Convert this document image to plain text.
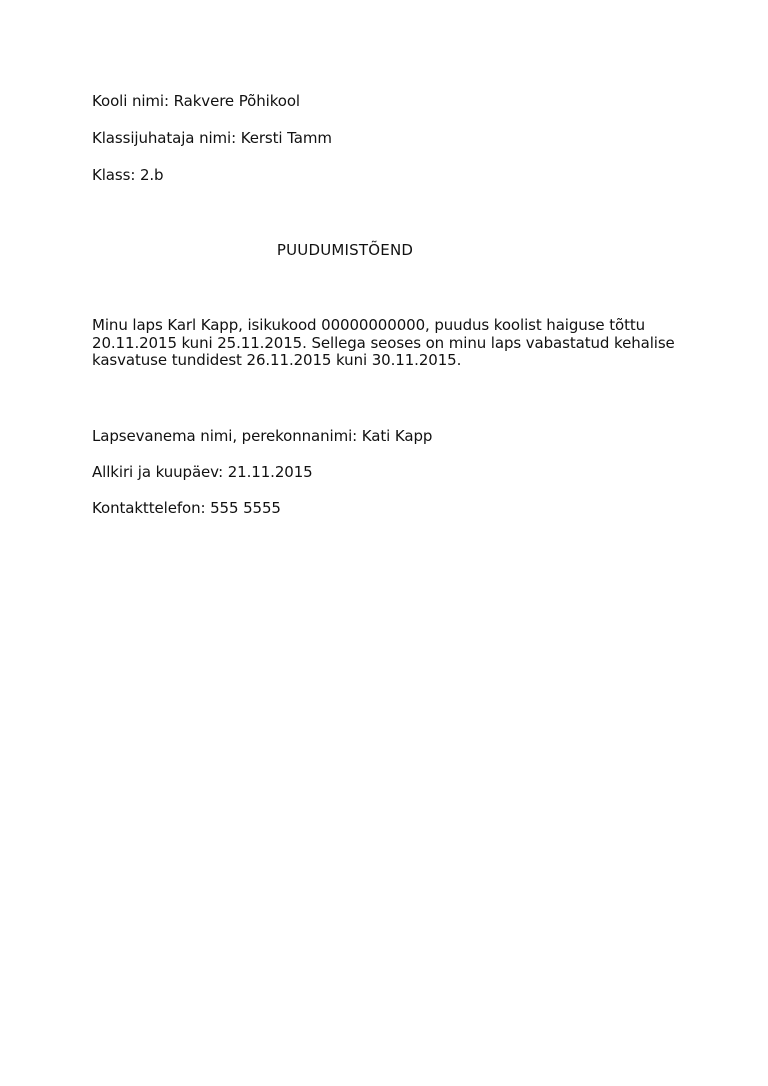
Kooli nimi: Rakvere Põhikool
Klassijuhataja nimi: Kersti Tamm
Klass: 2.b
PUUDUMISTÕEND
Minu laps Karl Kapp, isikukood 00000000000, puudus koolist haiguse tõttu
20.11.2015 kuni 25.11.2015. Sellega seoses on minu laps vabastatud kehalise
kasvatuse tundidest 26.11.2015 kuni 30.11.2015.
Lapsevanema nimi, perekonnanimi: Kati Kapp
Allkiri ja kuupäev: 21.11.2015
Kontakttelefon: 555 5555
